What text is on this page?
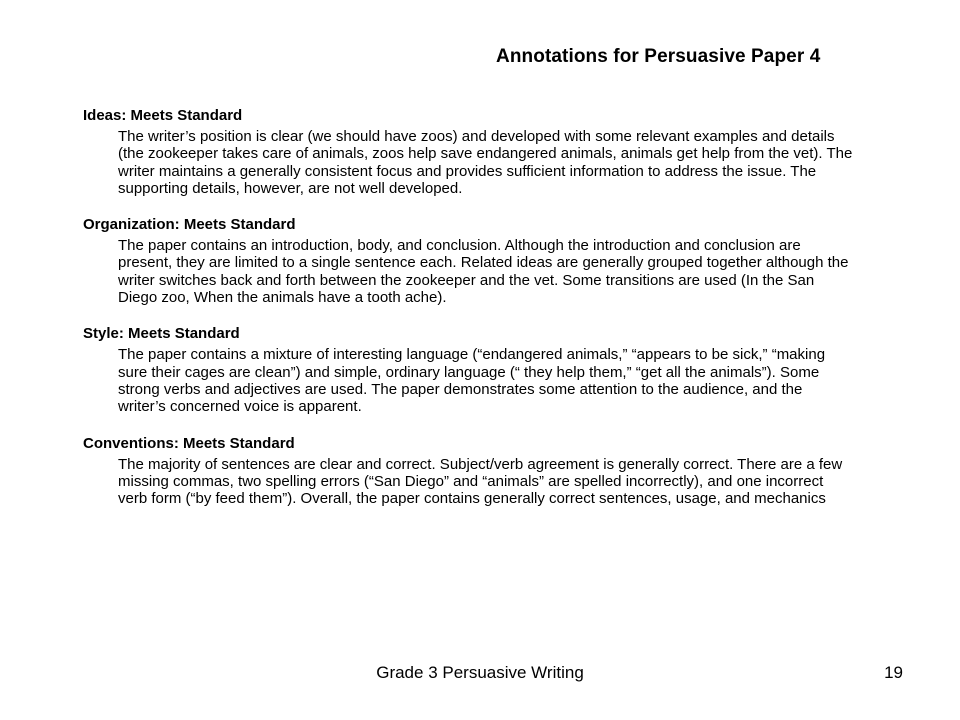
Annotations for Persuasive Paper 4
Ideas: Meets Standard
The writer’s position is clear (we should have zoos) and developed with some relevant examples and details (the zookeeper takes care of animals, zoos help save endangered animals, animals get help from the vet). The writer maintains a generally consistent focus and provides sufficient information to address the issue. The supporting details, however, are not well developed.
Organization: Meets Standard
The paper contains an introduction, body, and conclusion. Although the introduction and conclusion are present, they are limited to a single sentence each. Related ideas are generally grouped together although the writer switches back and forth between the zookeeper and the vet. Some transitions are used (In the San Diego zoo, When the animals have a tooth ache).
Style: Meets Standard
The paper contains a mixture of interesting language (“endangered animals,” “appears to be sick,” “making sure their cages are clean”) and simple, ordinary language (“ they help them,” “get all the animals”). Some strong verbs and adjectives are used. The paper demonstrates some attention to the audience, and the writer’s concerned voice is apparent.
Conventions: Meets Standard
The majority of sentences are clear and correct. Subject/verb agreement is generally correct. There are a few missing commas, two spelling errors (“San Diego” and “animals” are spelled incorrectly), and one incorrect verb form (“by feed them”). Overall, the paper contains generally correct sentences, usage, and mechanics
Grade 3 Persuasive Writing	19
